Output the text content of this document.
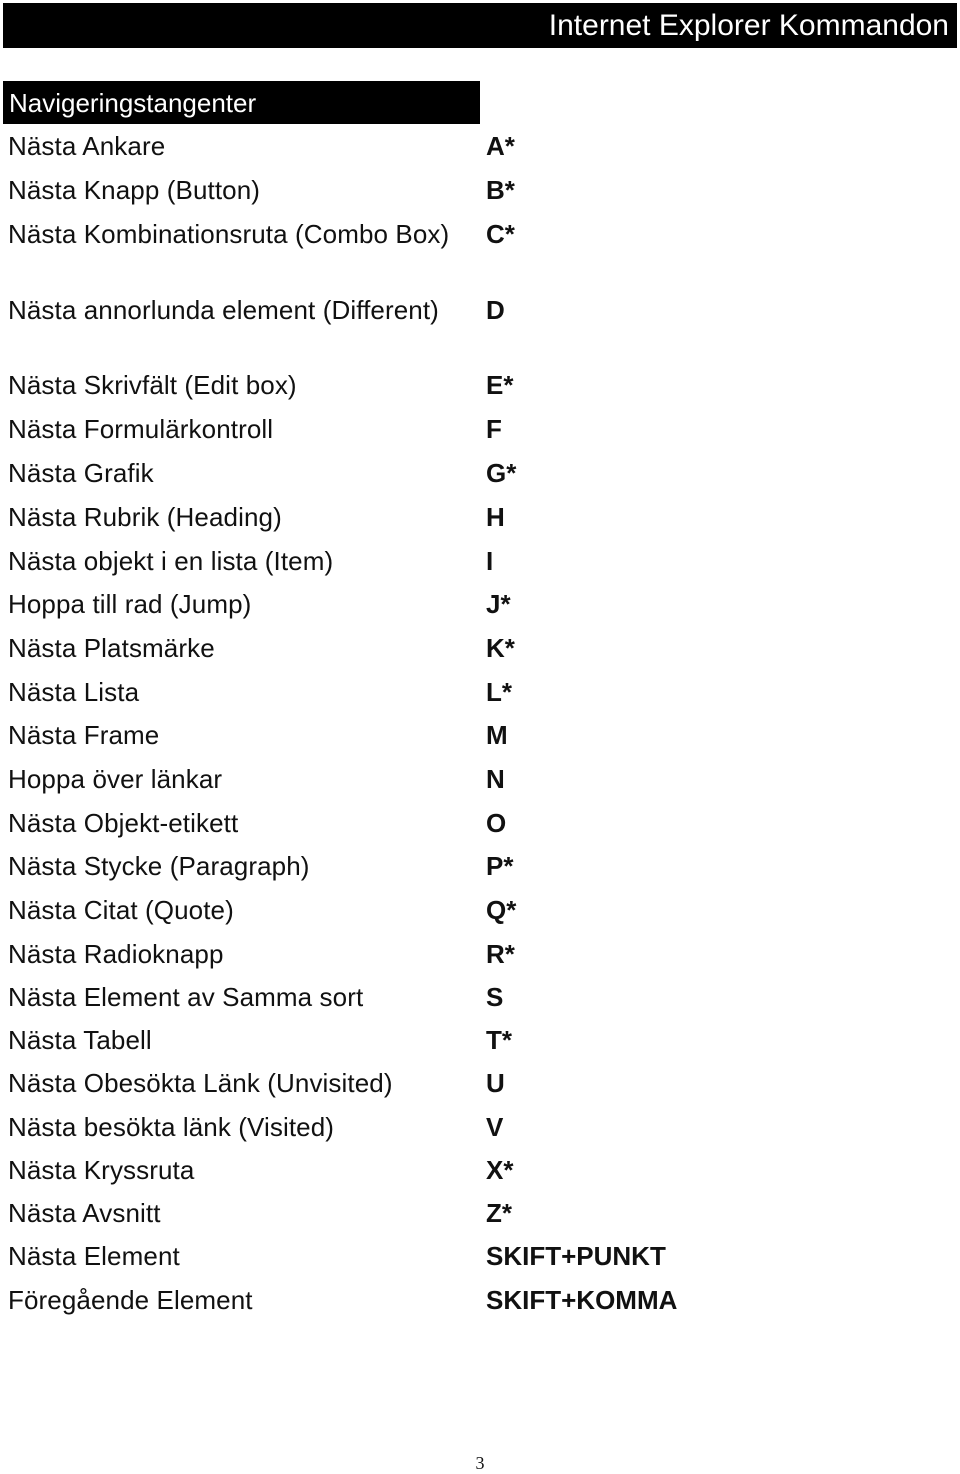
Internet Explorer Kommandon
Navigeringstangenter
Nästa Ankare	A*
Nästa Knapp (Button)	B*
Nästa Kombinationsruta (Combo Box)	C*
Nästa annorlunda element (Different)	D
Nästa Skrivfält (Edit box)	E*
Nästa Formulärkontroll	F
Nästa Grafik	G*
Nästa Rubrik (Heading)	H
Nästa objekt i en lista (Item)	I
Hoppa till rad (Jump)	J*
Nästa Platsmärke	K*
Nästa Lista	L*
Nästa Frame	M
Hoppa över länkar	N
Nästa Objekt-etikett	O
Nästa Stycke (Paragraph)	P*
Nästa Citat (Quote)	Q*
Nästa Radioknapp	R*
Nästa Element av Samma sort	S
Nästa Tabell	T*
Nästa Obesökta Länk (Unvisited)	U
Nästa besökta länk (Visited)	V
Nästa Kryssruta	X*
Nästa Avsnitt	Z*
Nästa Element	SKIFT+PUNKT
Föregående Element	SKIFT+KOMMA
3
